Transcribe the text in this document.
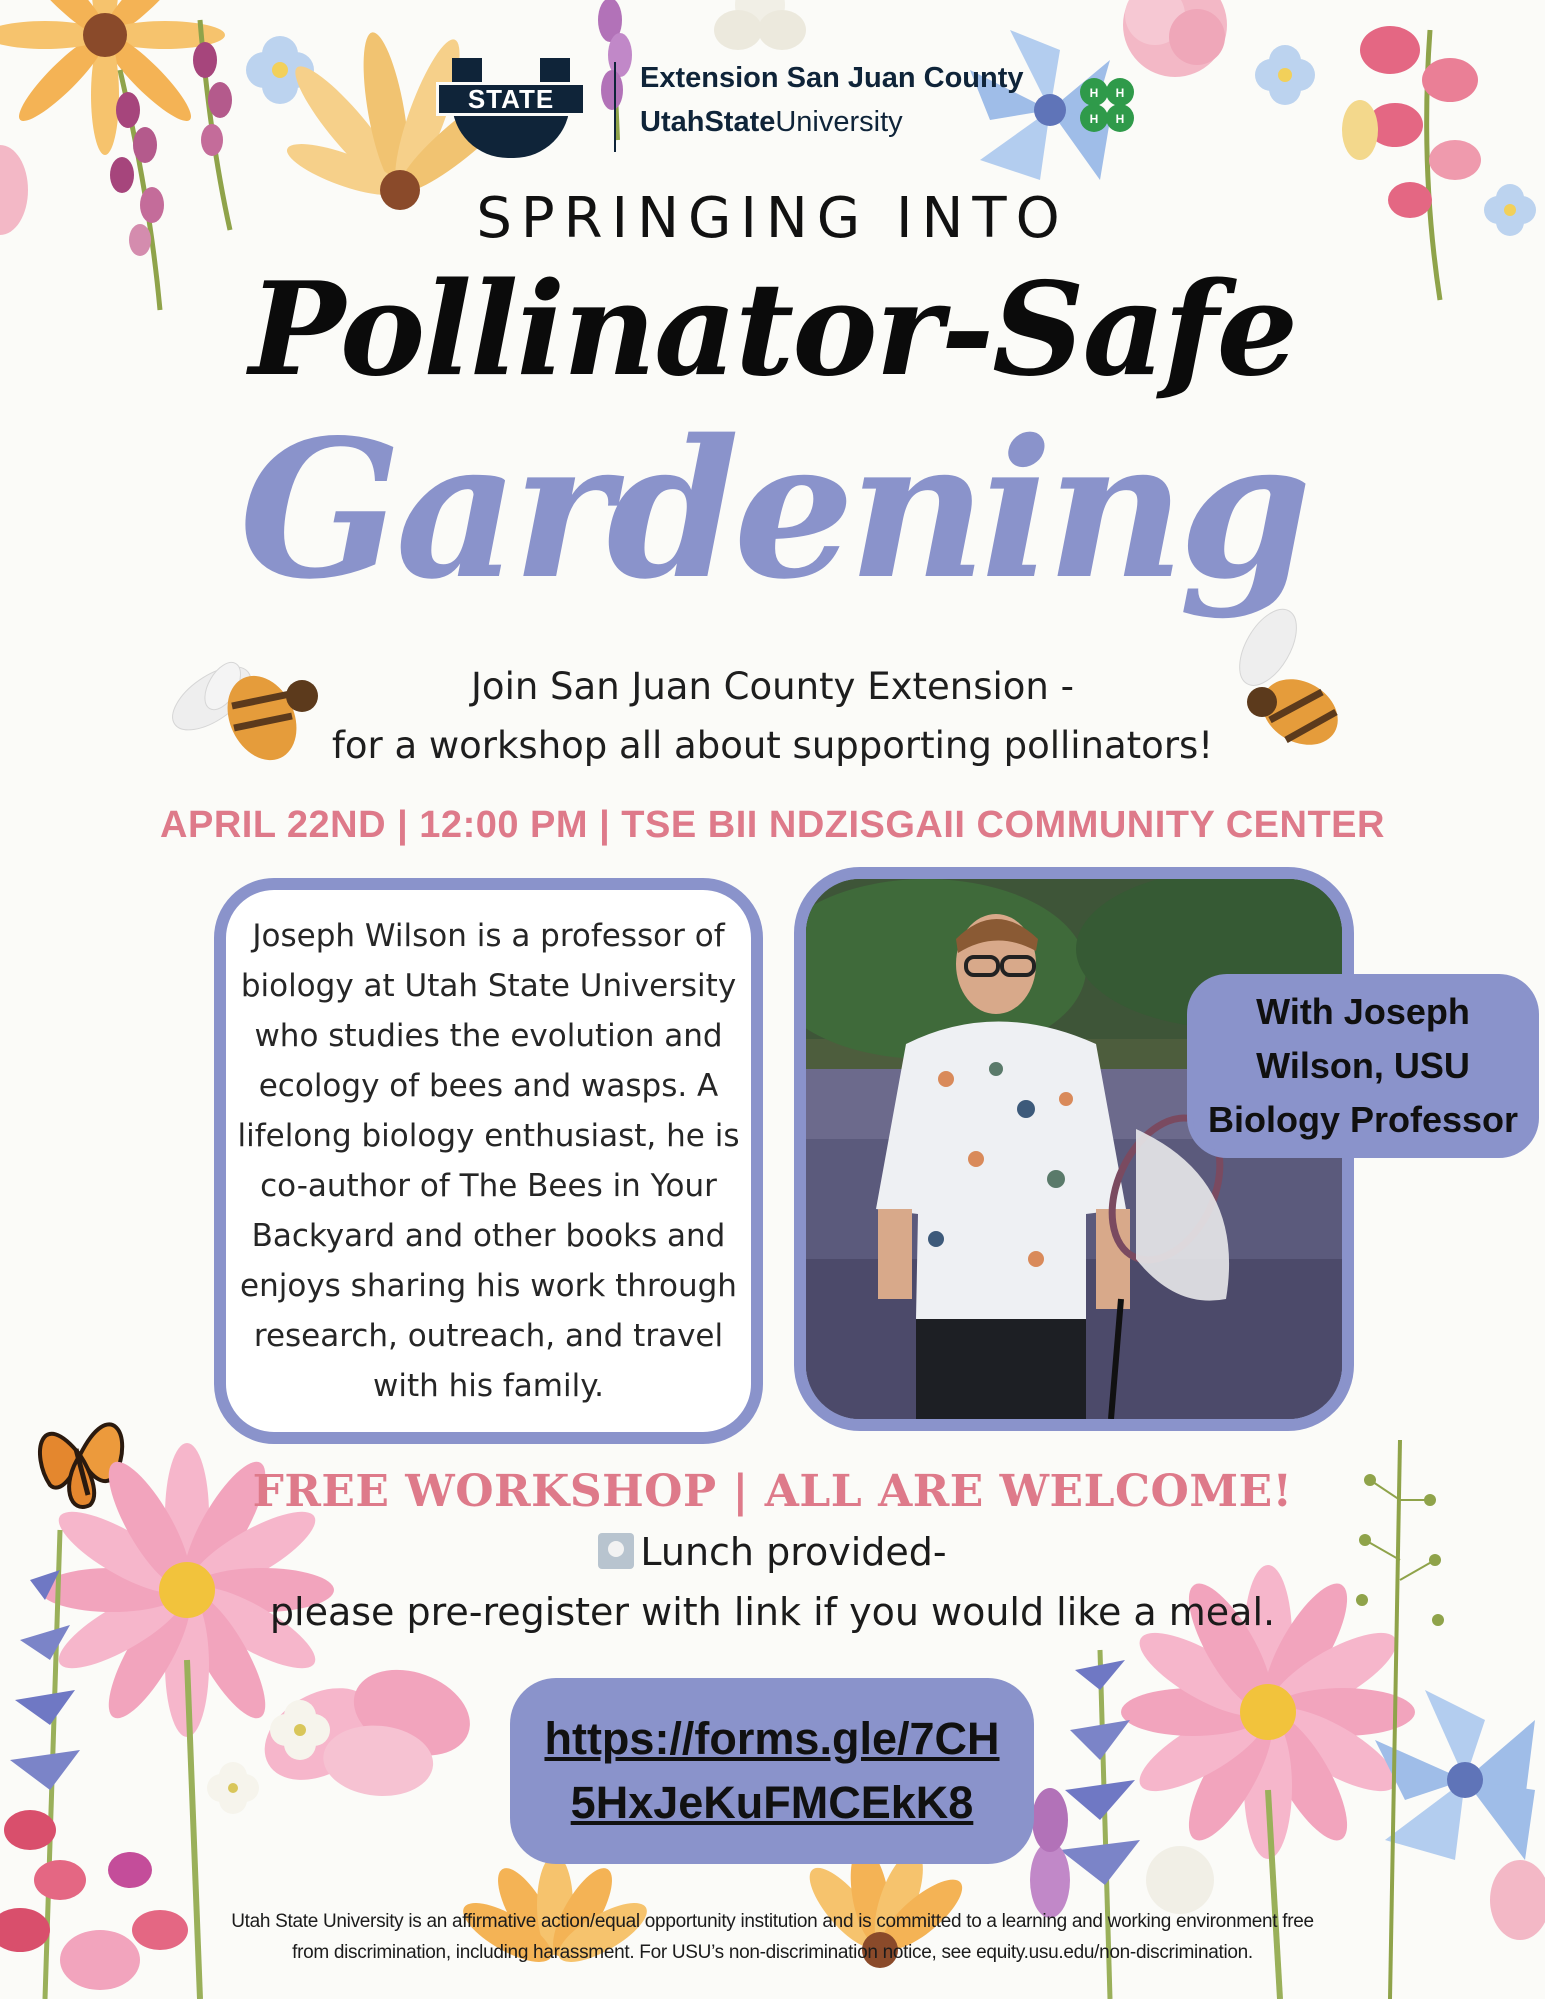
STATE
Extension San Juan County
UtahStateUniversity
H H
H H
SPRINGING INTO
Pollinator-Safe
Gardening
Join San Juan County Extension -
for a workshop all about supporting pollinators!
APRIL 22ND | 12:00 PM | TSE BII NDZISGAII COMMUNITY CENTER
Joseph Wilson is a professor of biology at Utah State University who studies the evolution and ecology of bees and wasps. A lifelong biology enthusiast, he is co-author of The Bees in Your Backyard and other books and enjoys sharing his work through research, outreach, and travel with his family.
With Joseph
Wilson, USU
Biology Professor
FREE WORKSHOP | ALL ARE WELCOME!
Lunch provided-
please pre-register with link if you would like a meal.
https://forms.gle/7CH
5HxJeKuFMCEkK8
Utah State University is an affirmative action/equal opportunity institution and is committed to a learning and working environment free
from discrimination, including harassment. For USU’s non-discrimination notice, see equity.usu.edu/non-discrimination.
